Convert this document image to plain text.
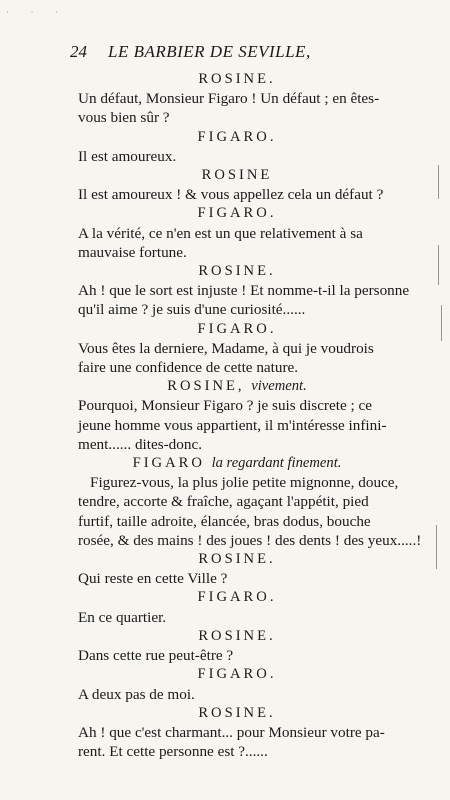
· · ·
24 LE BARBIER DE SEVILLE,
ROSINE.
Un défaut, Monsieur Figaro ! Un défaut ; en êtes-
vous bien sûr ?
FIGARO.
Il est amoureux.
ROSINE
Il est amoureux ! & vous appellez cela un défaut ?
FIGARO.
A la vérité, ce n'en est un que relativement à sa
mauvaise fortune.
ROSINE.
Ah ! que le sort est injuste ! Et nomme-t-il la personne
qu'il aime ? je suis d'une curiosité......
FIGARO.
Vous êtes la derniere, Madame, à qui je voudrois
faire une confidence de cette nature.
ROSINE, vivement.
Pourquoi, Monsieur Figaro ? je suis discrete ; ce
jeune homme vous appartient, il m'intéresse infini-
ment...... dites-donc.
FIGARO la regardant finement.
Figurez-vous, la plus jolie petite mignonne, douce,
tendre, accorte & fraîche, agaçant l'appétit, pied
furtif, taille adroite, élancée, bras dodus, bouche
rosée, & des mains ! des joues ! des dents ! des yeux.....!
ROSINE.
Qui reste en cette Ville ?
FIGARO.
En ce quartier.
ROSINE.
Dans cette rue peut-être ?
FIGARO.
A deux pas de moi.
ROSINE.
Ah ! que c'est charmant... pour Monsieur votre pa-
rent. Et cette personne est ?......
